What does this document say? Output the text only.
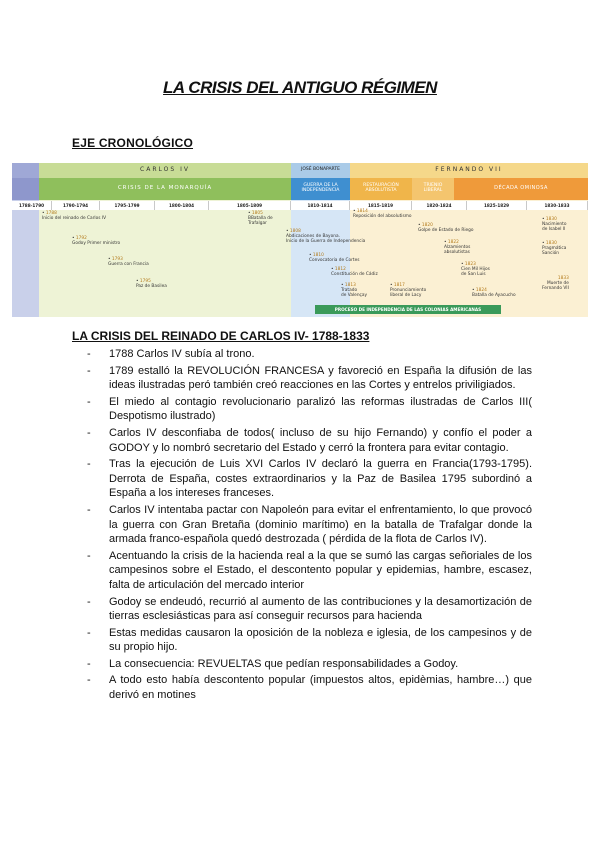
LA CRISIS DEL ANTIGUO RÉGIMEN
EJE CRONOLÓGICO
CARLOS IV	JOSÉ BONAPARTE	FERNANDO VII
CRISIS DE LA MONARQUÍA	GUERRA DE LA INDEPENDENCIA
RESTAURACIÓN ABSOLUTISTA
TRIENIO LIBERAL	DÉCADA OMINOSA
1788-1790	1790-1794	1795-1799	1800-1804	1805-1809	1810-1814	1815-1819	1820-1824	1825-1829	1830-1833
• 1788
Inicio del reinado de Carlos IV
• 1792
Godoy Primer ministro
• 1793
Guerra con Francia
• 1795
Paz de Basilea
• 1805
BBatalla de
Trafalgar
• 1808
Abdicaciones de Bayona.
Inicio de la Guerra de Independencia
• 1810
Convocatoria de Cortes
• 1812
Constitución de Cádiz
• 1813
Tratado
de Valençay
• 1814
Reposición del absolutismo
• 1817
Pronunciamiento
liberal de Lacy
• 1820
Golpe de Estado de Riego
• 1822
Alzamientos
absolutistas
• 1823
Cien Mil Hijos
de San Luis
• 1824
Batalla de Ayacucho
• 1830
Nacimiento
de Isabel II
• 1830
Pragmática
Sanción
1833
Muerte de
Fernando VII
PROCESO DE INDEPENDENCIA DE LAS COLONIAS AMERICANAS
LA CRISIS DEL REINADO DE CARLOS IV- 1788-1833
- 1788 Carlos IV subía al trono.
- 1789 estalló la REVOLUCIÓN FRANCESA y favoreció en España la difusión de las ideas ilustradas peró también creó reacciones en las Cortes y entrelos priviligiados.
- El miedo al contagio revolucionario paralizó las reformas ilustradas de Carlos III( Despotismo ilustrado)
- Carlos IV desconfiaba de todos( incluso de su hijo Fernando) y confío el poder a GODOY y lo nombró secretario del Estado y cerró la frontera para evitar contagio.
- Tras la ejecución de Luis XVI Carlos IV declaró la guerra en Francia(1793-1795). Derrota de España, costes extraordinarios y la Paz de Basilea 1795 subordinó a España a los intereses franceses.
- Carlos IV intentaba pactar con Napoleón para evitar el enfrentamiento, lo que provocó la guerra con Gran Bretaña (dominio marítimo) en la batalla de Trafalgar donde la armada franco-española quedó destrozada ( pérdida de la flota de Carlos IV).
- Acentuando la crisis de la hacienda real a la que se sumó las cargas señoriales de los campesinos sobre el Estado, el descontento popular y epidemias, hambre, escasez, falta de articulación del mercado interior
- Godoy se endeudó, recurrió al aumento de las contribuciones y la desamortización de tierras esclesiásticas para así conseguir recursos para hacienda
- Estas medidas causaron la oposición de la nobleza e iglesia, de los campesinos y de su propio hijo.
- La consecuencia: REVUELTAS que pedían responsabilidades a Godoy.
- A todo esto había descontento popular (impuestos altos, epidèmias, hambre…) que derivó en motines
